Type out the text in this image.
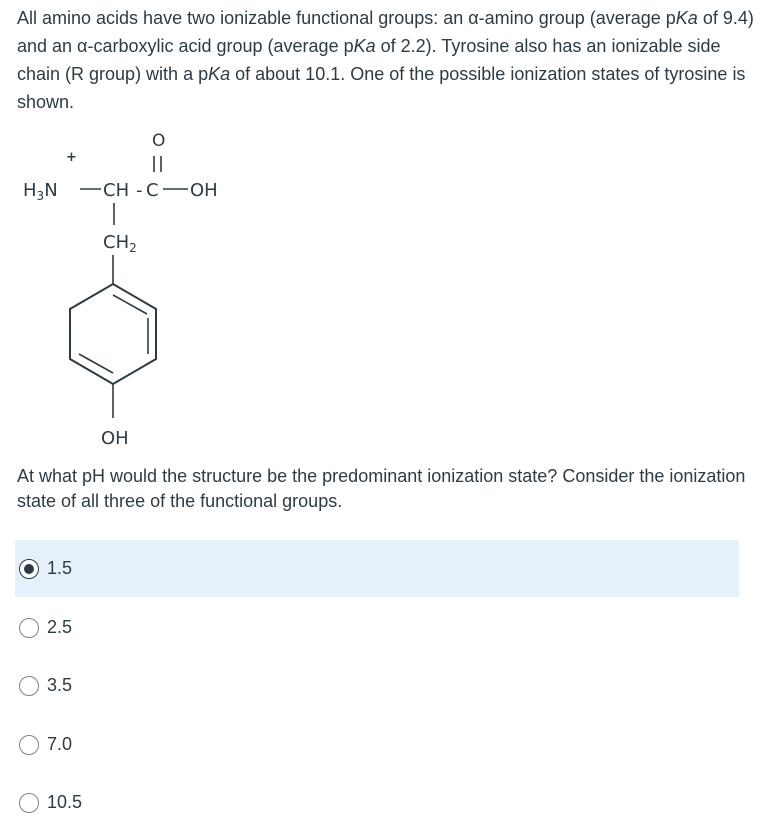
All amino acids have two ionizable functional groups: an α-amino group (average pKa of 9.4) and an α-carboxylic acid group (average pKa of 2.2). Tyrosine also has an ionizable side chain (R group) with a pKa of about 10.1. One of the possible ionization states of tyrosine is shown.

O
+
$H_3N$	CH - C OH
$CH_2$
OH

At what pH would the structure be the predominant ionization state? Consider the ionization state of all three of the functional groups.

1.5
2.5
3.5
7.0
10.5
